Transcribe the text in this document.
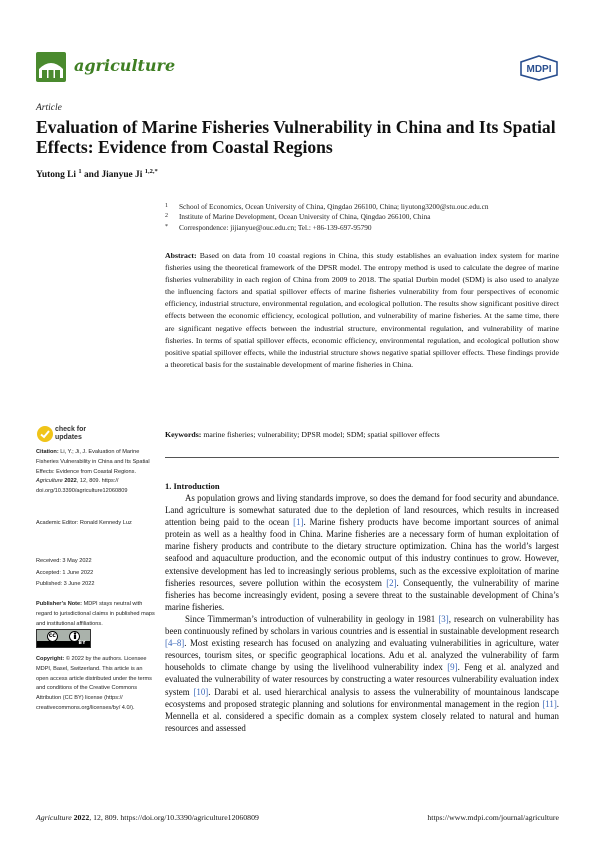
agriculture	MDPI
Article
Evaluation of Marine Fisheries Vulnerability in China and Its Spatial Effects: Evidence from Coastal Regions
Yutong Li $^1$ and Jianyue Ji $^{1,2,*}$
1 School of Economics, Ocean University of China, Qingdao 266100, China; liyutong3200@stu.ouc.edu.cn
2 Institute of Marine Development, Ocean University of China, Qingdao 266100, China
* Correspondence: jijianyue@ouc.edu.cn; Tel.: +86-139-697-95790
Abstract: Based on data from 10 coastal regions in China, this study establishes an evaluation index system for marine fisheries using the theoretical framework of the DPSR model. The entropy method is used to calculate the degree of marine fisheries vulnerability in each region of China from 2009 to 2018. The spatial Durbin model (SDM) is also used to analyze the influencing factors and spatial spillover effects of marine fisheries vulnerability from four perspectives of economic efficiency, industrial structure, environmental regulation, and ecological pollution. The results show significant positive direct effects between the economic efficiency, ecological pollution, and vulnerability of marine fisheries. At the same time, there are significant negative effects between the industrial structure, environmental regulation, and vulnerability of marine fisheries. In terms of spatial spillover effects, economic efficiency, environmental regulation, and ecological pollution show positive spatial spillover effects, while the industrial structure shows negative spatial spillover effects. These findings provide a theoretical basis for the sustainable development of marine fisheries in China.
Keywords: marine fisheries; vulnerability; DPSR model; SDM; spatial spillover effects
check for
updates
Citation: Li, Y.; Ji, J. Evaluation of Marine Fisheries Vulnerability in China and Its Spatial Effects: Evidence from Coastal Regions. Agriculture 2022, 12, 809. https:// doi.org/10.3390/agriculture12060809
Academic Editor: Ronald Kennedy Luz
Received: 3 May 2022
Accepted: 1 June 2022
Published: 3 June 2022
Publisher’s Note: MDPI stays neutral with regard to jurisdictional claims in published maps and institutional affiliations.
cc
BY
Copyright: © 2022 by the authors. Licensee MDPI, Basel, Switzerland. This article is an open access article distributed under the terms and conditions of the Creative Commons Attribution (CC BY) license (https:// creativecommons.org/licenses/by/ 4.0/).
1. Introduction

As population grows and living standards improve, so does the demand for food security and abundance. Land agriculture is somewhat saturated due to the depletion of land resources, which results in increased attention being paid to the ocean [1]. Marine fishery products have become important sources of animal protein as well as a healthy food in China. Marine fisheries are a necessary form of human exploitation of marine fishery products and contribute to the dietary structure optimization. China has the world’s largest seafood and aquaculture production, and the economic output of this industry continues to grow. However, extensive development has led to increasingly serious problems, such as the excessive exploitation of marine fisheries resources, severe pollution within the ecosystem [2]. Consequently, the vulnerability of marine fisheries has become increasingly evident, posing a severe threat to the sustainable development of China’s marine fisheries.

Since Timmerman’s introduction of vulnerability in geology in 1981 [3], research on vulnerability has been continuously refined by scholars in various countries and is essential in sustainable development research [4–8]. Most existing research has focused on analyzing and evaluating vulnerabilities in agriculture, water resources, tourism sites, or specific geographical locations. Adu et al. analyzed the vulnerability of farm households to climate change by using the livelihood vulnerability index [9]. Feng et al. analyzed and evaluated the vulnerability of water resources by constructing a water resources vulnerability evaluation index system [10]. Darabi et al. used hierarchical analysis to assess the vulnerability of mountainous landscape ecosystems and proposed strategic planning and solutions for environmental management in the region [11]. Mennella et al. considered a specific domain as a complex system closely related to natural and human resources and assessed

Agriculture 2022, 12, 809. https://doi.org/10.3390/agriculture12060809	https://www.mdpi.com/journal/agriculture
